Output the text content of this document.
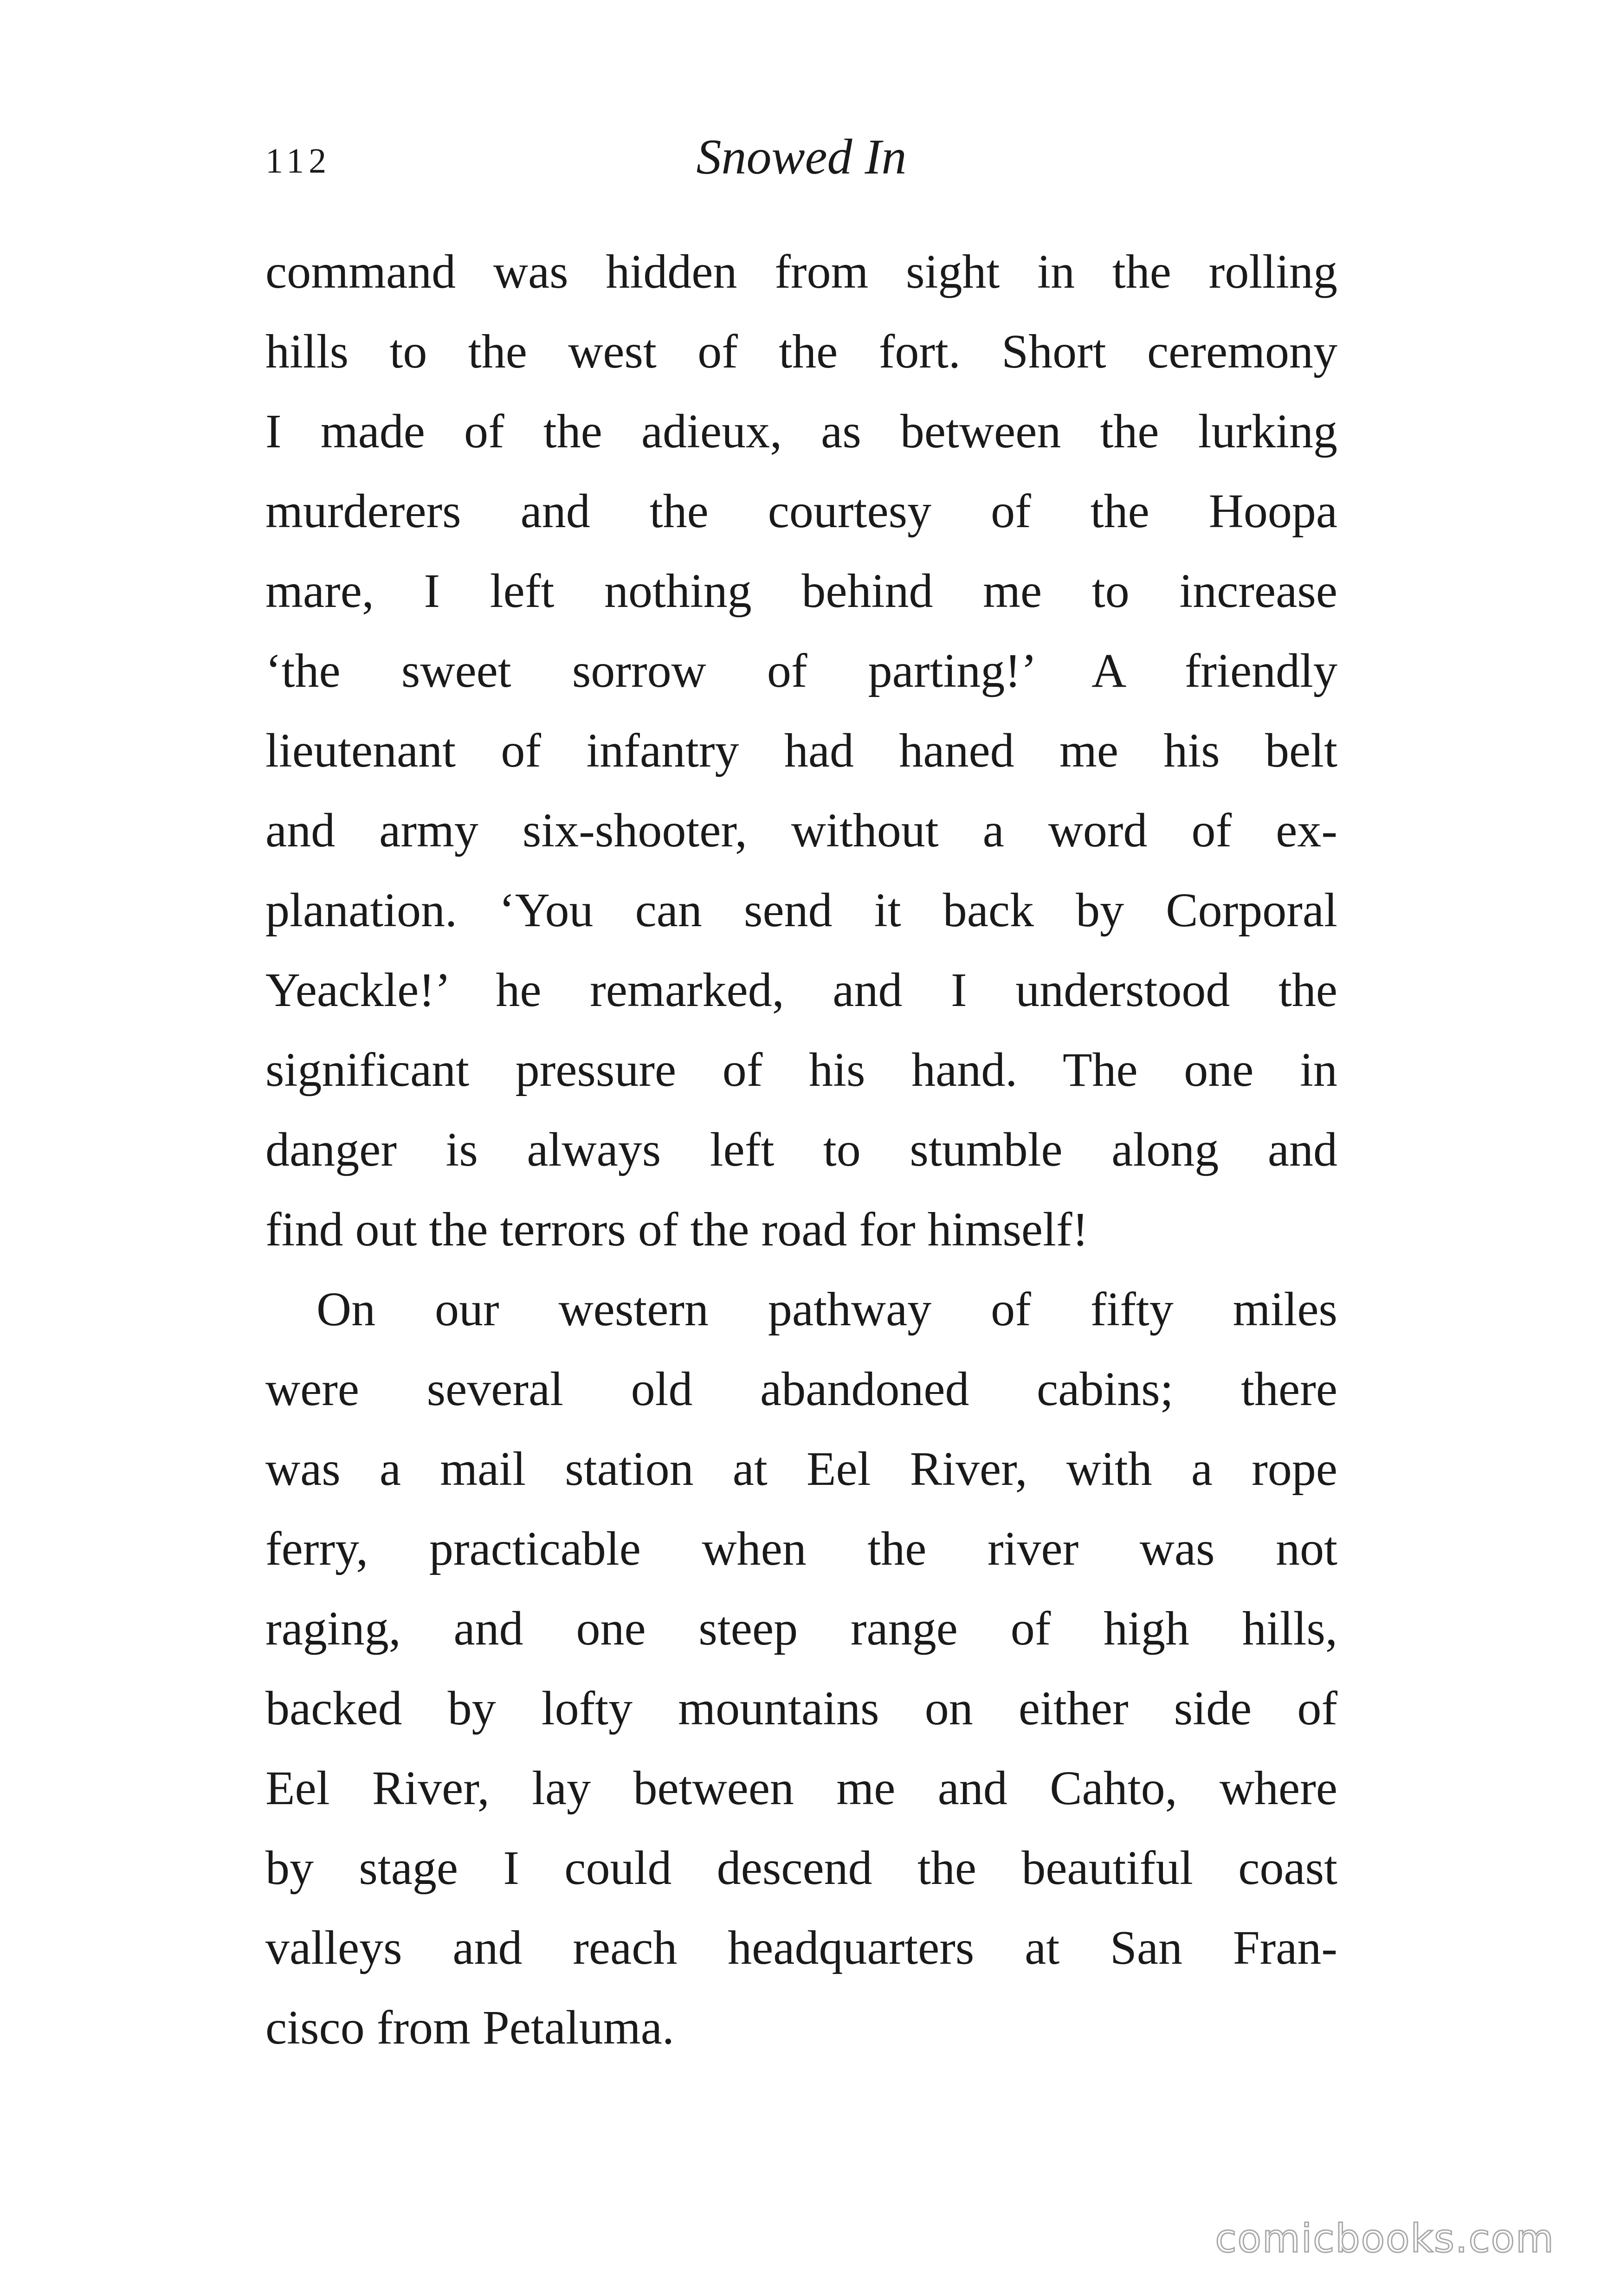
112	Snowed In
command was hidden from sight in the rolling
hills to the west of the fort. Short ceremony
I made of the adieux, as between the lurking
murderers and the courtesy of the Hoopa
mare, I left nothing behind me to increase
‘the sweet sorrow of parting!’ A friendly
lieutenant of infantry had haned me his belt
and army six-shooter, without a word of ex-
planation. ‘You can send it back by Corporal
Yeackle!’ he remarked, and I understood the
significant pressure of his hand. The one in
danger is always left to stumble along and
find out the terrors of the road for himself!
On our western pathway of fifty miles
were several old abandoned cabins; there
was a mail station at Eel River, with a rope
ferry, practicable when the river was not
raging, and one steep range of high hills,
backed by lofty mountains on either side of
Eel River, lay between me and Cahto, where
by stage I could descend the beautiful coast
valleys and reach headquarters at San Fran-
cisco from Petaluma.
comicbooks.com
